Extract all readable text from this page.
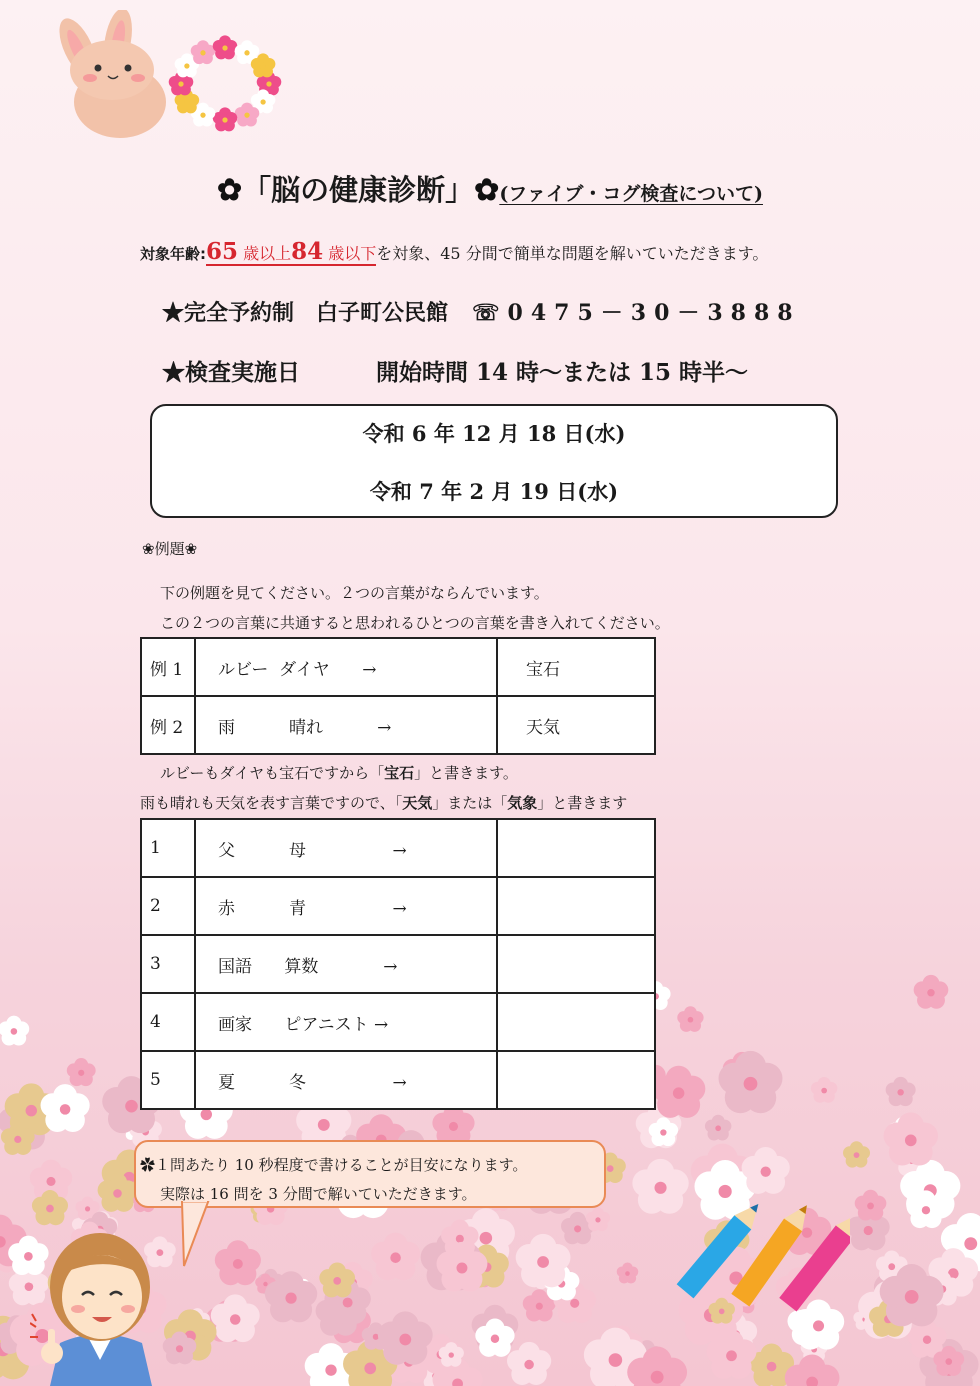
✿「脳の健康診断」✿(ファイブ・コグ検査について)
対象年齢:65 歳以上84 歳以下を対象、45 分間で簡単な問題を解いていただきます。
★完全予約制　白子町公民館 ☏0475－30－3888
★検査実施日	開始時間 14 時～または 15 時半～
令和 6 年 12 月 18 日(水)
令和 7 年 2 月 19 日(水)
❀例題❀
下の例題を見てください。２つの言葉がならんでいます。
この２つの言葉に共通すると思われるひとつの言葉を書き入れてください。
例 1	ルビー  ダイヤ      →	宝石
例 2	雨          晴れ          →	天気
ルビーもダイヤも宝石ですから「宝石」と書きます。
雨も晴れも天気を表す言葉ですので、「天気」または「気象」と書きます
1	父          母                →	
2	赤          青                →	
3	国語      算数            →	
4	画家      ピアニスト →	
5	夏          冬                →	
✿１問あたり 10 秒程度で書けることが目安になります。
実際は 16 問を 3 分間で解いていただきます。
